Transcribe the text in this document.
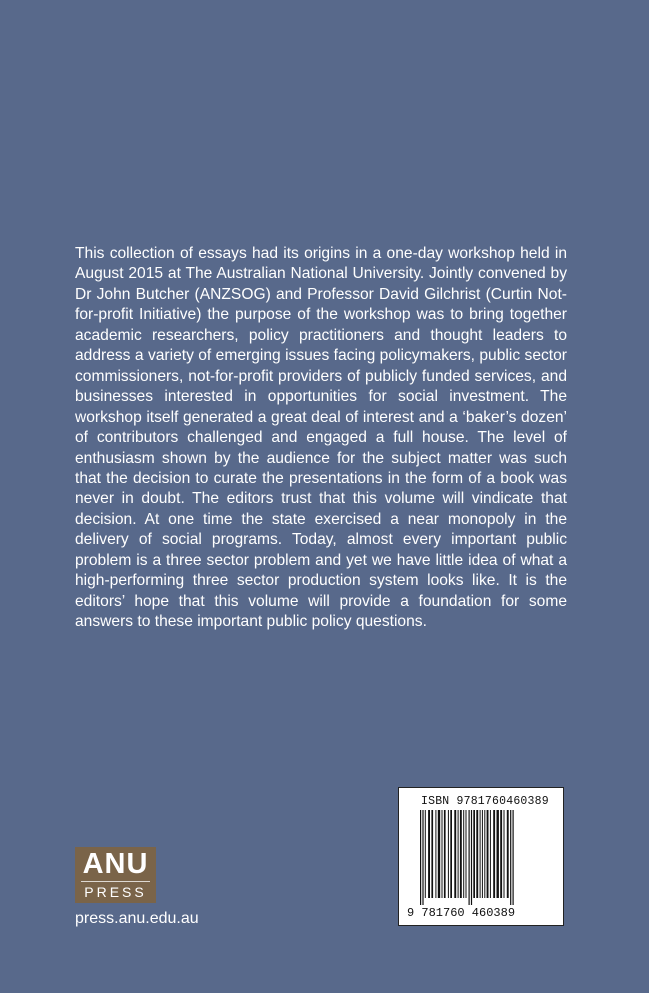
This collection of essays had its origins in a one-day workshop held in August 2015 at The Australian National University. Jointly convened by Dr John Butcher (ANZSOG) and Professor David Gilchrist (Curtin Not-for-profit Initiative) the purpose of the workshop was to bring together academic researchers, policy practitioners and thought leaders to address a variety of emerging issues facing policymakers, public sector commissioners, not-for-profit providers of publicly funded services, and businesses interested in opportunities for social investment. The workshop itself generated a great deal of interest and a ‘baker’s dozen’ of contributors challenged and engaged a full house. The level of enthusiasm shown by the audience for the subject matter was such that the decision to curate the presentations in the form of a book was never in doubt. The editors trust that this volume will vindicate that decision. At one time the state exercised a near monopoly in the delivery of social programs. Today, almost every important public problem is a three sector problem and yet we have little idea of what a high-performing three sector production system looks like. It is the editors’ hope that this volume will provide a foundation for some answers to these important public policy questions.

ISBN 9781760460389
9 781760 460389
ANU
PRESS
press.anu.edu.au
